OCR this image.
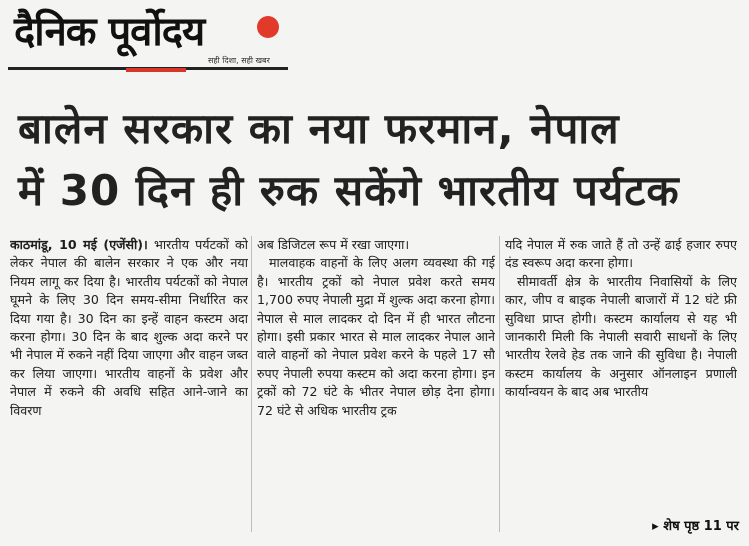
दैनिक पूर्वोदय
सही दिशा, सही खबर
बालेन सरकार का नया फरमान, नेपाल
में 30 दिन ही रुक सकेंगे भारतीय पर्यटक
काठमांडू, 10 मई (एजेंसी)। भारतीय पर्यटकों को लेकर नेपाल की बालेन सरकार ने एक और नया नियम लागू कर दिया है। भारतीय पर्यटकों को नेपाल घूमने के लिए 30 दिन समय-सीमा निर्धारित कर दिया गया है। 30 दिन का इन्हें वाहन कस्टम अदा करना होगा। 30 दिन के बाद शुल्क अदा करने पर भी नेपाल में रुकने नहीं दिया जाएगा और वाहन जब्त कर लिया जाएगा। भारतीय वाहनों के प्रवेश और नेपाल में रुकने की अवधि सहित आने-जाने का विवरण
अब डिजिटल रूप में रखा जाएगा।
मालवाहक वाहनों के लिए अलग व्यवस्था की गई है। भारतीय ट्रकों को नेपाल प्रवेश करते समय 1,700 रुपए नेपाली मुद्रा में शुल्क अदा करना होगा। नेपाल से माल लादकर दो दिन में ही भारत लौटना होगा। इसी प्रकार भारत से माल लादकर नेपाल आने वाले वाहनों को नेपाल प्रवेश करने के पहले 17 सौ रुपए नेपाली रुपया कस्टम को अदा करना होगा। इन ट्रकों को 72 घंटे के भीतर नेपाल छोड़ देना होगा। 72 घंटे से अधिक भारतीय ट्रक
यदि नेपाल में रुक जाते हैं तो उन्हें ढाई हजार रुपए दंड स्वरूप अदा करना होगा।
सीमावर्ती क्षेत्र के भारतीय निवासियों के लिए कार, जीप व बाइक नेपाली बाजारों में 12 घंटे फ्री सुविधा प्राप्त होगी। कस्टम कार्यालय से यह भी जानकारी मिली कि नेपाली सवारी साधनों के लिए भारतीय रेलवे हेड तक जाने की सुविधा है। नेपाली कस्टम कार्यालय के अनुसार ऑनलाइन प्रणाली कार्यान्वयन के बाद अब भारतीय
▸ शेष पृष्ठ 11 पर
